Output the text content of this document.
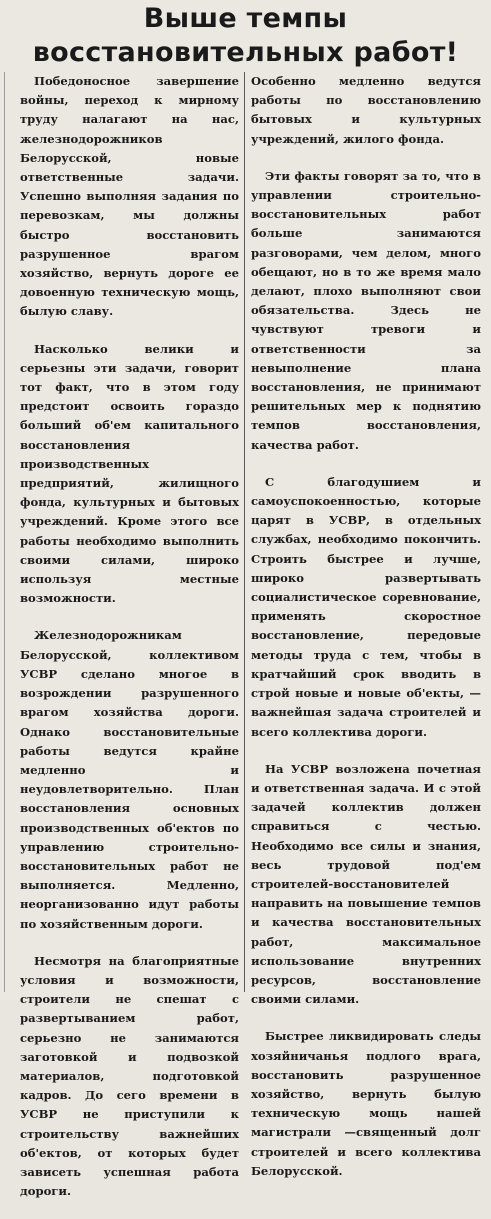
Выше темпы
восстановительных работ!

Победоносное завершение войны, переход к мирному труду налагают на нас, железнодорожников Белорусской, новые ответственные задачи. Успешно выполняя задания по перевозкам, мы должны быстро восстановить разрушенное врагом хозяйство, вернуть дороге ее довоенную техническую мощь, былую славу.

Насколько велики и серьезны эти задачи, говорит тот факт, что в этом году предстоит освоить гораздо больший об'ем капитального восстановления производственных предприятий, жилищного фонда, культурных и бытовых учреждений. Кроме этого все работы необходимо выполнить своими силами, широко используя местные возможности.

Железнодорожникам Белорусской, коллективом УСВР сделано многое в возрождении разрушенного врагом хозяйства дороги. Однако восстановительные работы ведутся крайне медленно и неудовлетворительно. План восстановления основных производственных об'ектов по управлению строительно-восстановительных работ не выполняется. Медленно, неорганизованно идут работы по хозяйственным дороги.

Несмотря на благоприятные условия и возможности, строители не спешат с развертыванием работ, серьезно не занимаются заготовкой и подвозкой материалов, подготовкой кадров. До сего времени в УСВР не приступили к строительству важнейших об'ектов, от которых будет зависеть успешная работа дороги.

Особенно медленно ведутся работы по восстановлению бытовых и культурных учреждений, жилого фонда.

Эти факты говорят за то, что в управлении строительно-восстановительных работ больше занимаются разговорами, чем делом, много обещают, но в то же время мало делают, плохо выполняют свои обязательства. Здесь не чувствуют тревоги и ответственности за невыполнение плана восстановления, не принимают решительных мер к поднятию темпов восстановления, качества работ.

С благодушием и самоуспокоенностью, которые царят в УСВР, в отдельных службах, необходимо покончить. Строить быстрее и лучше, широко развертывать социалистическое соревнование, применять скоростное восстановление, передовые методы труда с тем, чтобы в кратчайший срок вводить в строй новые и новые об'екты, — важнейшая задача строителей и всего коллектива дороги.

На УСВР возложена почетная и ответственная задача. И с этой задачей коллектив должен справиться с честью. Необходимо все силы и знания, весь трудовой под'ем строителей-восстановителей направить на повышение темпов и качества восстановительных работ, максимальное использование внутренних ресурсов, восстановление своими силами.

Быстрее ликвидировать следы хозяйничанья подлого врага, восстановить разрушенное хозяйство, вернуть былую техническую мощь нашей магистрали —священный долг строителей и всего коллектива Белорусской.
